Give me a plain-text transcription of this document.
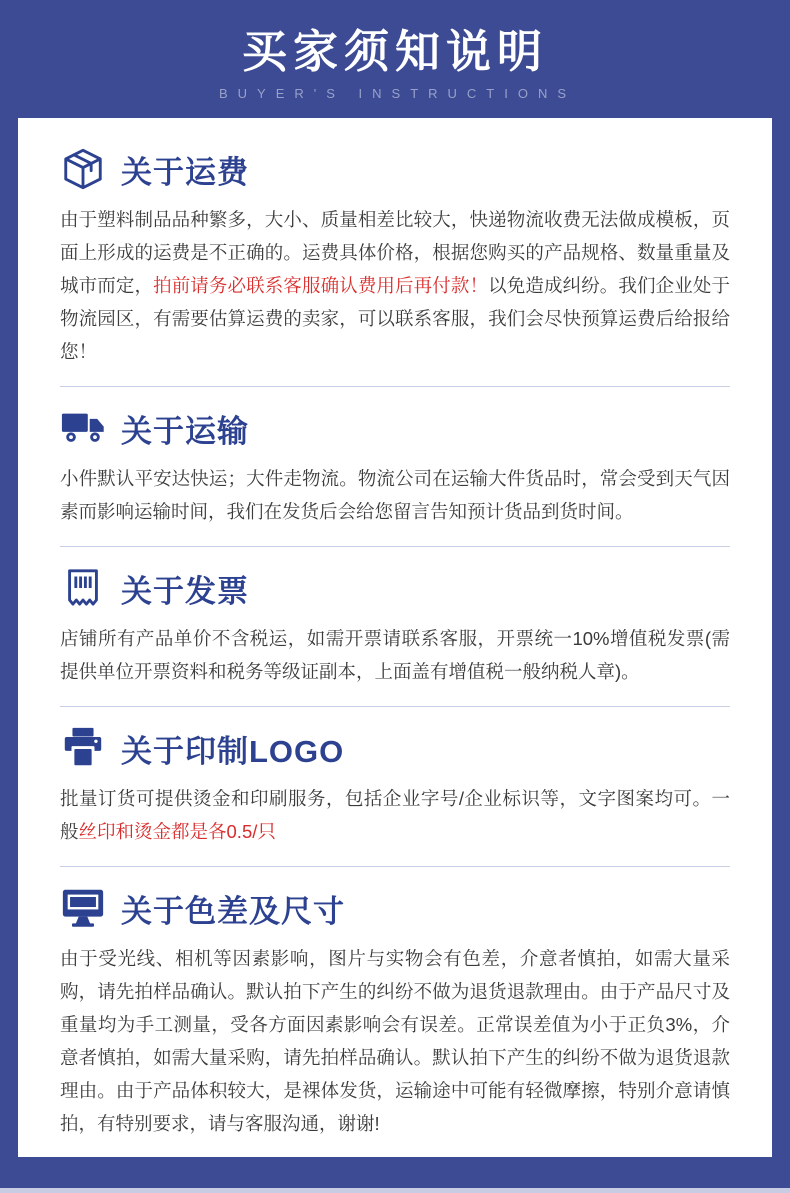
买家须知说明
BUYER'S INSTRUCTIONS
关于运费

由于塑料制品品种繁多，大小、质量相差比较大，快递物流收费无法做成模板，页面上形成的运费是不正确的。运费具体价格，根据您购买的产品规格、数量重量及城市而定，拍前请务必联系客服确认费用后再付款！以免造成纠纷。我们企业处于物流园区，有需要估算运费的卖家，可以联系客服，我们会尽快预算运费后给报给您！

关于运输

小件默认平安达快运；大件走物流。物流公司在运输大件货品时，常会受到天气因素而影响运输时间，我们在发货后会给您留言告知预计货品到货时间。

关于发票

店铺所有产品单价不含税运，如需开票请联系客服，开票统一10%增值税发票(需提供单位开票资料和税务等级证副本，上面盖有增值税一般纳税人章)。

关于印制LOGO

批量订货可提供烫金和印刷服务，包括企业字号/企业标识等，文字图案均可。一般丝印和烫金都是各0.5/只

关于色差及尺寸

由于受光线、相机等因素影响，图片与实物会有色差，介意者慎拍，如需大量采购，请先拍样品确认。默认拍下产生的纠纷不做为退货退款理由。由于产品尺寸及重量均为手工测量，受各方面因素影响会有误差。正常误差值为小于正负3%，介意者慎拍，如需大量采购，请先拍样品确认。默认拍下产生的纠纷不做为退货退款理由。由于产品体积较大，是裸体发货，运输途中可能有轻微摩擦，特别介意请慎拍，有特别要求，请与客服沟通，谢谢!
